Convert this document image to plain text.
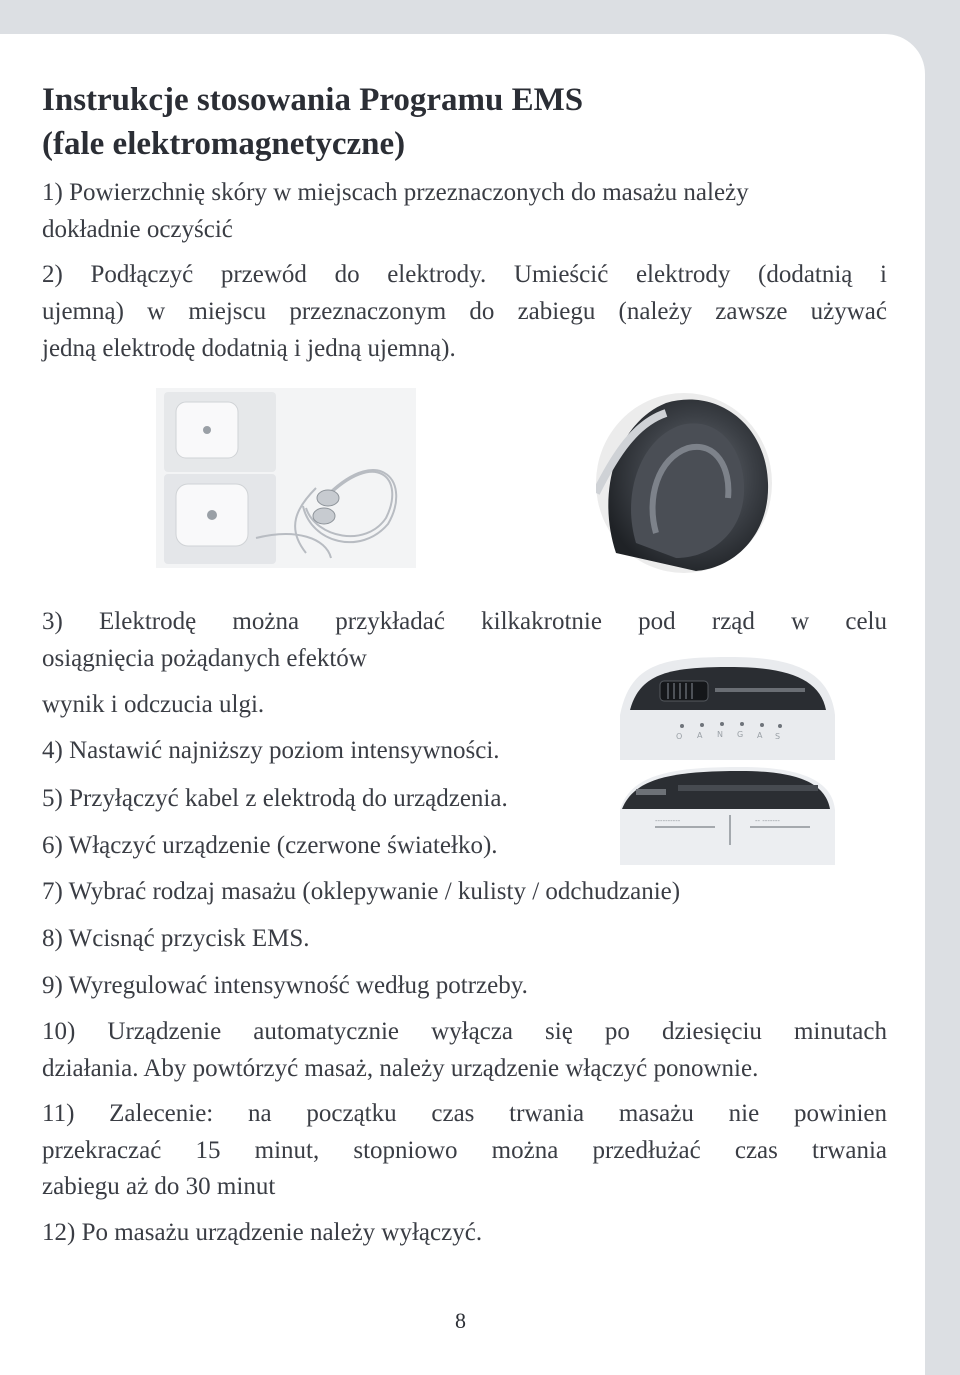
Instrukcje stosowania Programu EMS
(fale elektromagnetyczne)

1) Powierzchnię skóry w miejscach przeznaczonych do masażu należy
dokładnie oczyścić

2) Podłączyć przewód do elektrody. Umieścić elektrody (dodatnią i

ujemną) w miejscu przeznaczonym do zabiegu (należy zawsze używać

jedną elektrodę dodatnią i jedną ujemną).

3) Elektrodę można przykładać kilkakrotnie pod rząd w celu

osiągnięcia pożądanych efektów

wynik i odczucia ulgi.

O A N G A S

4) Nastawić najniższy poziom intensywności.

----------	-- -------

5) Przyłączyć kabel z elektrodą do urządzenia.

6) Włączyć urządzenie (czerwone światełko).

7) Wybrać rodzaj masażu (oklepywanie / kulisty / odchudzanie)

8) Wcisnąć przycisk EMS.

9) Wyregulować intensywność według potrzeby.

10) Urządzenie automatycznie wyłącza się po dziesięciu minutach

działania. Aby powtórzyć masaż, należy urządzenie włączyć ponownie.

11) Zalecenie: na początku czas trwania masażu nie powinien

przekraczać 15 minut, stopniowo można przedłużać czas trwania

zabiegu aż do 30 minut

12) Po masażu urządzenie należy wyłączyć.

8
